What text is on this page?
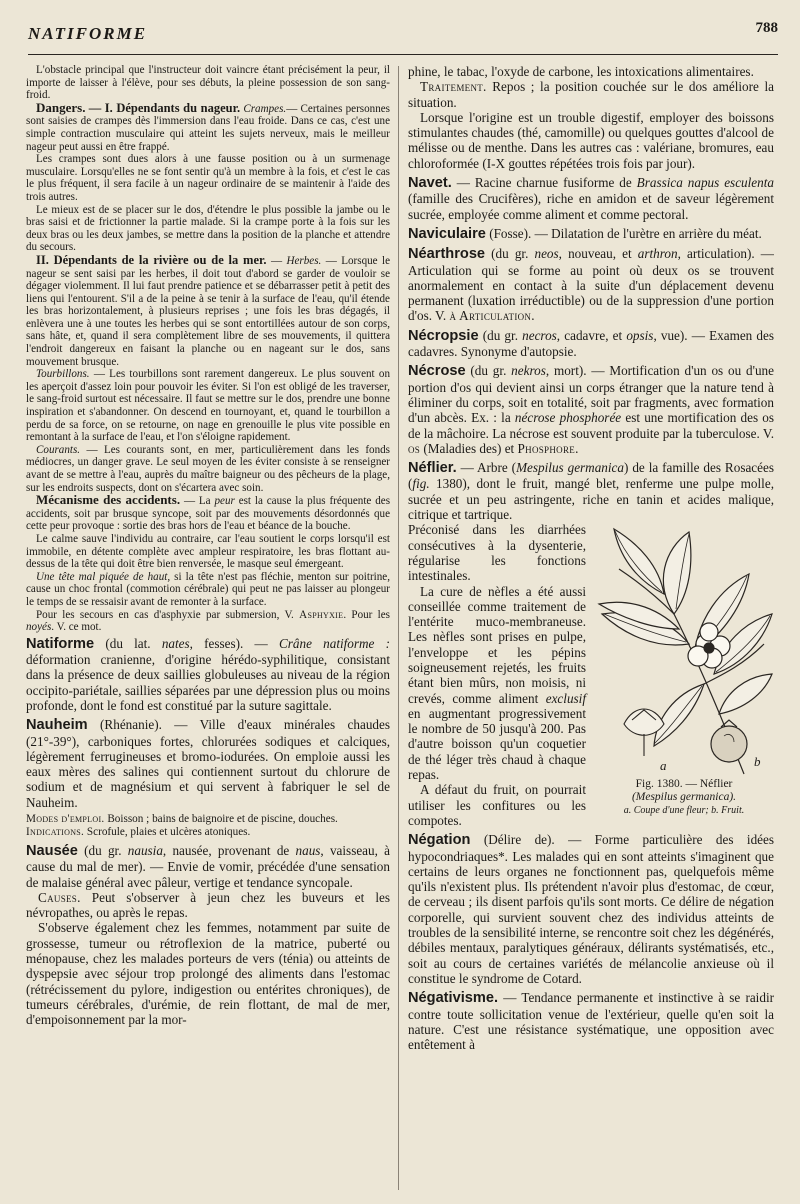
NATIFORME	788

L'obstacle principal que l'instructeur doit vaincre étant précisément la peur, il importe de laisser à l'élève, pour ses débuts, la pleine possession de son sang-froid.

Dangers. — I. Dépendants du nageur. Crampes.— Certaines personnes sont saisies de crampes dès l'immersion dans l'eau froide. Dans ce cas, c'est une simple contraction musculaire qui atteint les sujets nerveux, mais le meilleur nageur peut aussi en être frappé.

Les crampes sont dues alors à une fausse position ou à un surmenage musculaire. Lorsqu'elles ne se font sentir qu'à un membre à la fois, et c'est le cas le plus fréquent, il sera facile à un nageur ordinaire de se maintenir à l'aide des trois autres.

Le mieux est de se placer sur le dos, d'étendre le plus possible la jambe ou le bras saisi et de frictionner la partie malade. Si la crampe porte à la fois sur les deux bras ou les deux jambes, se mettre dans la position de la planche et attendre du secours.

II. Dépendants de la rivière ou de la mer. — Herbes. — Lorsque le nageur se sent saisi par les herbes, il doit tout d'abord se garder de vouloir se dégager violemment. Il lui faut prendre patience et se débarrasser petit à petit des liens qui l'entourent. S'il a de la peine à se tenir à la surface de l'eau, qu'il étende les bras horizontalement, à plusieurs reprises ; une fois les bras dégagés, il enlèvera une à une toutes les herbes qui se sont entortillées autour de son corps, sans hâte, et, quand il sera complètement libre de ses mouvements, il quittera l'endroit dangereux en faisant la planche ou en nageant sur le dos, sans mouvement brusque.

Tourbillons. — Les tourbillons sont rarement dangereux. Le plus souvent on les aperçoit d'assez loin pour pouvoir les éviter. Si l'on est obligé de les traverser, le sang-froid surtout est nécessaire. Il faut se mettre sur le dos, prendre une bonne inspiration et s'abandonner. On descend en tournoyant, et, quand le tourbillon a perdu de sa force, on se retourne, on nage en grenouille le plus vite possible en remontant à la surface de l'eau, et l'on s'éloigne rapidement.

Courants. — Les courants sont, en mer, particulièrement dans les fonds médiocres, un danger grave. Le seul moyen de les éviter consiste à se renseigner avant de se mettre à l'eau, auprès du maître baigneur ou des pêcheurs de la plage, sur les endroits suspects, dont on s'écartera avec soin.

Mécanisme des accidents. — La peur est la cause la plus fréquente des accidents, soit par brusque syncope, soit par des mouvements désordonnés que cette peur provoque : sortie des bras hors de l'eau et béance de la bouche.

Le calme sauve l'individu au contraire, car l'eau soutient le corps lorsqu'il est immobile, en détente complète avec ampleur respiratoire, les bras flottant au-dessus de la tête qui doit être bien renversée, le masque seul émergeant.

Une tête mal piquée de haut, si la tête n'est pas fléchie, menton sur poitrine, cause un choc frontal (commotion cérébrale) qui peut ne pas laisser au plongeur le temps de se ressaisir avant de remonter à la surface.

Pour les secours en cas d'asphyxie par submersion, V. Asphyxie. Pour les noyés. V. ce mot.

Natiforme (du lat. nates, fesses). — Crâne natiforme : déformation cranienne, d'origine hérédo-syphilitique, consistant dans la présence de deux saillies globuleuses au niveau de la région occipito-pariétale, saillies séparées par une dépression plus ou moins profonde, dont le fond est constitué par la suture sagittale.

Nauheim (Rhénanie). — Ville d'eaux minérales chaudes (21°-39°), carboniques fortes, chlorurées sodiques et calciques, légèrement ferrugineuses et bromo-iodurées. On emploie aussi les eaux mères des salines qui contiennent surtout du chlorure de sodium et de magnésium et qui servent à fabriquer le sel de Nauheim.

Modes d'emploi. Boisson ; bains de baignoire et de piscine, douches.

Indications. Scrofule, plaies et ulcères atoniques.

Nausée (du gr. nausia, nausée, provenant de naus, vaisseau, à cause du mal de mer). — Envie de vomir, précédée d'une sensation de malaise général avec pâleur, vertige et tendance syncopale.

Causes. Peut s'observer à jeun chez les buveurs et les névropathes, ou après le repas.

S'observe également chez les femmes, notamment par suite de grossesse, tumeur ou rétroflexion de la matrice, puberté ou ménopause, chez les malades porteurs de vers (ténia) ou atteints de dyspepsie avec séjour trop prolongé des aliments dans l'estomac (rétrécissement du pylore, indigestion ou entérites chroniques), de tumeurs cérébrales, d'urémie, de rein flottant, de mal de mer, d'empoisonnement par la mor-

phine, le tabac, l'oxyde de carbone, les intoxications alimentaires.

Traitement. Repos ; la position couchée sur le dos améliore la situation.

Lorsque l'origine est un trouble digestif, employer des boissons stimulantes chaudes (thé, camomille) ou quelques gouttes d'alcool de mélisse ou de menthe. Dans les autres cas : valériane, bromures, eau chloroformée (I-X gouttes répétées trois fois par jour).

Navet. — Racine charnue fusiforme de Brassica napus esculenta (famille des Crucifères), riche en amidon et de saveur légèrement sucrée, employée comme aliment et comme pectoral.

Naviculaire (Fosse). — Dilatation de l'urètre en arrière du méat.

Néarthrose (du gr. neos, nouveau, et arthron, articulation). — Articulation qui se forme au point où deux os se trouvent anormalement en contact à la suite d'un déplacement devenu permanent (luxation irréductible) ou de la suppression d'une portion d'os. V. à Articulation.

Nécropsie (du gr. necros, cadavre, et opsis, vue). — Examen des cadavres. Synonyme d'autopsie.

Nécrose (du gr. nekros, mort). — Mortification d'un os ou d'une portion d'os qui devient ainsi un corps étranger que la nature tend à éliminer du corps, soit en totalité, soit par fragments, avec formation d'un abcès. Ex. : la nécrose phosphorée est une mortification des os de la mâchoire. La nécrose est souvent produite par la tuberculose. V. os (Maladies des) et Phosphore.

Néflier. — Arbre (Mespilus germanica) de la famille des Rosacées (fig. 1380), dont le fruit, mangé blet, renferme une pulpe molle, sucrée et un peu astringente, riche en tanin et acides malique, citrique et tartrique.

a	b
Fig. 1380. — Néflier
(Mespilus germanica).
a. Coupe d'une fleur; b. Fruit.

Préconisé dans les diarrhées consécutives à la dysenterie, régularise les fonctions intestinales.

La cure de nèfles a été aussi conseillée comme traitement de l'entérite muco-membraneuse. Les nèfles sont prises en pulpe, l'enveloppe et les pépins soigneusement rejetés, les fruits étant bien mûrs, non moisis, ni crevés, comme aliment exclusif en augmentant progressivement le nombre de 50 jusqu'à 200. Pas d'autre boisson qu'un coquetier de thé léger très chaud à chaque repas.

A défaut du fruit, on pourrait utiliser les confitures ou les compotes.

Négation (Délire de). — Forme particulière des idées hypocondriaques*. Les malades qui en sont atteints s'imaginent que certains de leurs organes ne fonctionnent pas, quelquefois même qu'ils n'existent plus. Ils prétendent n'avoir plus d'estomac, de cœur, de cerveau ; ils disent parfois qu'ils sont morts. Ce délire de négation corporelle, qui survient souvent chez des individus atteints de troubles de la sensibilité interne, se rencontre soit chez les dégénérés, débiles mentaux, paralytiques généraux, délirants systématisés, etc., soit au cours de certaines variétés de mélancolie anxieuse où il constitue le syndrome de Cotard.

Négativisme. — Tendance permanente et instinctive à se raidir contre toute sollicitation venue de l'extérieur, quelle qu'en soit la nature. C'est une résistance systématique, une opposition avec entêtement à
